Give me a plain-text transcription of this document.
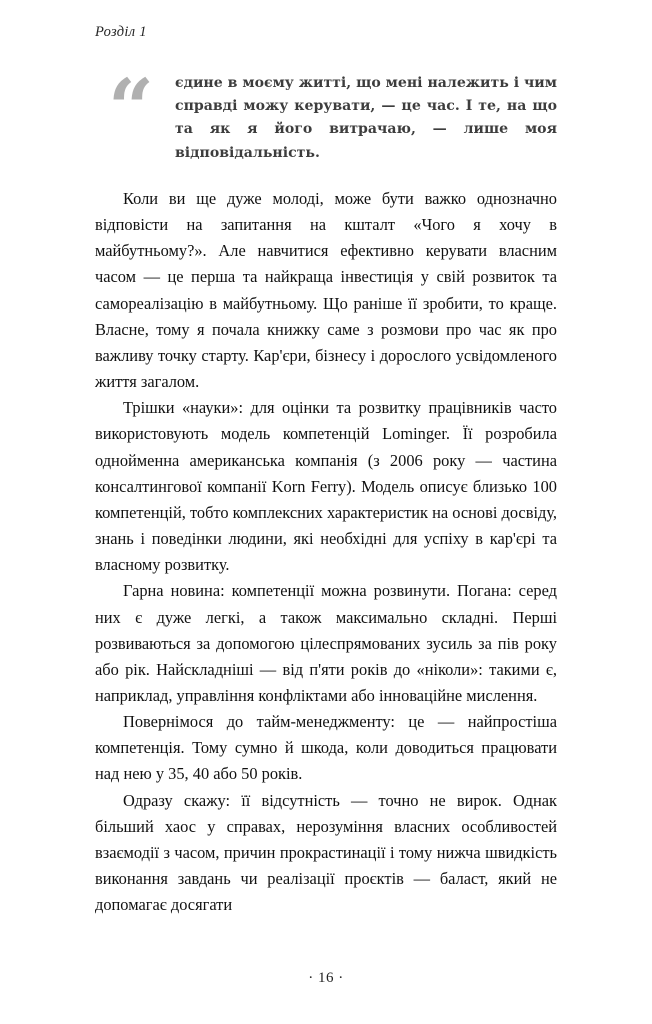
Розділ 1
“	єдине в моєму житті, що мені належить і чим справді можу керувати, — це час. І те, на що та як я його витрачаю, — лише моя відповідальність.

Коли ви ще дуже молоді, може бути важко однозначно відповісти на запитання на кшталт «Чого я хочу в майбутньому?». Але навчитися ефективно керувати власним часом — це перша та найкраща інвестиція у свій розвиток та самореалізацію в майбутньому. Що раніше її зробити, то краще. Власне, тому я почала книжку саме з розмови про час як про важливу точку старту. Кар'єри, бізнесу і дорослого усвідомленого життя загалом.

Трішки «науки»: для оцінки та розвитку працівників часто використовують модель компетенцій Lominger. Її розробила однойменна американська компанія (з 2006 року — частина консалтингової компанії Korn Ferry). Модель описує близько 100 компетенцій, тобто комплексних характеристик на основі досвіду, знань і поведінки людини, які необхідні для успіху в кар'єрі та власному розвитку.

Гарна новина: компетенції можна розвинути. Погана: серед них є дуже легкі, а також максимально складні. Перші розвиваються за допомогою цілеспрямованих зусиль за пів року або рік. Найскладніші — від п'яти років до «ніколи»: такими є, наприклад, управління конфліктами або інноваційне мислення.

Повернімося до тайм-менеджменту: це — найпростіша компетенція. Тому сумно й шкода, коли доводиться працювати над нею у 35, 40 або 50 років.

Одразу скажу: її відсутність — точно не вирок. Однак більший хаос у справах, нерозуміння власних особливостей взаємодії з часом, причин прокрастинації і тому нижча швидкість виконання завдань чи реалізації проєктів — баласт, який не допомагає досягати

· 16 ·
